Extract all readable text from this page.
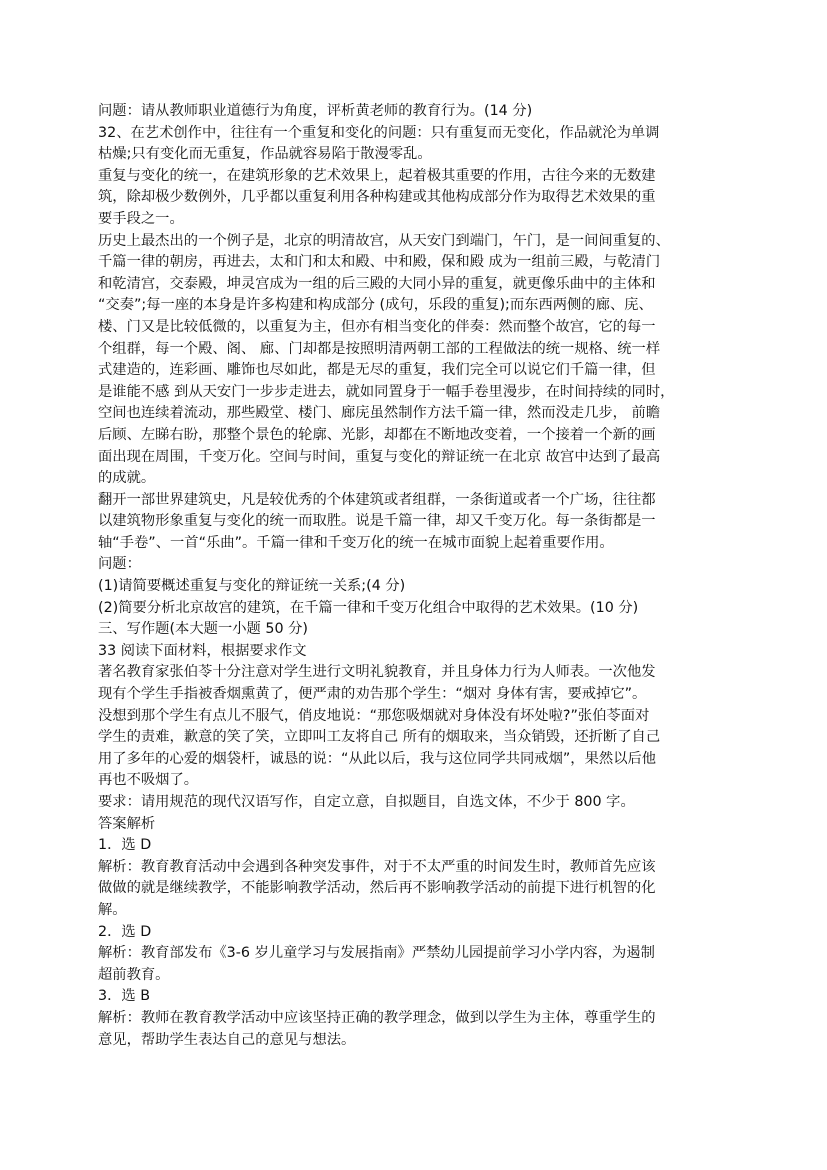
问题：请从教师职业道德行为角度，评析黄老师的教育行为。(14 分)
32、在艺术创作中，往往有一个重复和变化的问题：只有重复而无变化，作品就沦为单调
枯燥;只有变化而无重复，作品就容易陷于散漫零乱。
重复与变化的统一，在建筑形象的艺术效果上，起着极其重要的作用，古往今来的无数建
筑，除却极少数例外，几乎都以重复利用各种构建或其他构成部分作为取得艺术效果的重
要手段之一。
历史上最杰出的一个例子是，北京的明清故宫，从天安门到端门，午门，是一间间重复的、
千篇一律的朝房，再进去，太和门和太和殿、中和殿，保和殿 成为一组前三殿，与乾清门
和乾清宫，交泰殿，坤灵宫成为一组的后三殿的大同小异的重复，就更像乐曲中的主体和
“交奏”;每一座的本身是许多构建和构成部分 (成句，乐段的重复);而东西两侧的廊、庑、
楼、门又是比较低微的，以重复为主，但亦有相当变化的伴奏：然而整个故宫，它的每一
个组群，每一个殿、阁、 廊、门却都是按照明清两朝工部的工程做法的统一规格、统一样
式建造的，连彩画、雕饰也尽如此，都是无尽的重复，我们完全可以说它们千篇一律，但
是谁能不感 到从天安门一步步走进去，就如同置身于一幅手卷里漫步，在时间持续的同时，
空间也连续着流动，那些殿堂、楼门、廊庑虽然制作方法千篇一律，然而没走几步， 前瞻
后顾、左睇右盼，那整个景色的轮廓、光影，却都在不断地改变着，一个接着一个新的画
面出现在周围，千变万化。空间与时间，重复与变化的辩证统一在北京 故宫中达到了最高
的成就。
翻开一部世界建筑史，凡是较优秀的个体建筑或者组群，一条街道或者一个广场，往往都
以建筑物形象重复与变化的统一而取胜。说是千篇一律，却又千变万化。每一条街都是一
轴“手卷”、一首“乐曲”。千篇一律和千变万化的统一在城市面貌上起着重要作用。
问题：
(1)请简要概述重复与变化的辩证统一关系;(4 分)
(2)简要分析北京故宫的建筑，在千篇一律和千变万化组合中取得的艺术效果。(10 分)
三、写作题(本大题一小题 50 分)
33 阅读下面材料，根据要求作文
著名教育家张伯苓十分注意对学生进行文明礼貌教育，并且身体力行为人师表。一次他发
现有个学生手指被香烟熏黄了，便严肃的劝告那个学生：“烟对 身体有害，要戒掉它”。
没想到那个学生有点儿不服气，俏皮地说：“那您吸烟就对身体没有坏处啦?”张伯苓面对
学生的责难，歉意的笑了笑，立即叫工友将自己 所有的烟取来，当众销毁，还折断了自己
用了多年的心爱的烟袋杆，诚恳的说：“从此以后，我与这位同学共同戒烟”，果然以后他
再也不吸烟了。
要求：请用规范的现代汉语写作，自定立意，自拟题目，自选文体，不少于 800 字。
答案解析
1．选 D
解析：教育教育活动中会遇到各种突发事件，对于不太严重的时间发生时，教师首先应该
做做的就是继续教学，不能影响教学活动，然后再不影响教学活动的前提下进行机智的化
解。
2．选 D
解析：教育部发布《3-6 岁儿童学习与发展指南》严禁幼儿园提前学习小学内容，为遏制
超前教育。
3．选 B
解析：教师在教育教学活动中应该坚持正确的教学理念，做到以学生为主体，尊重学生的
意见，帮助学生表达自己的意见与想法。
